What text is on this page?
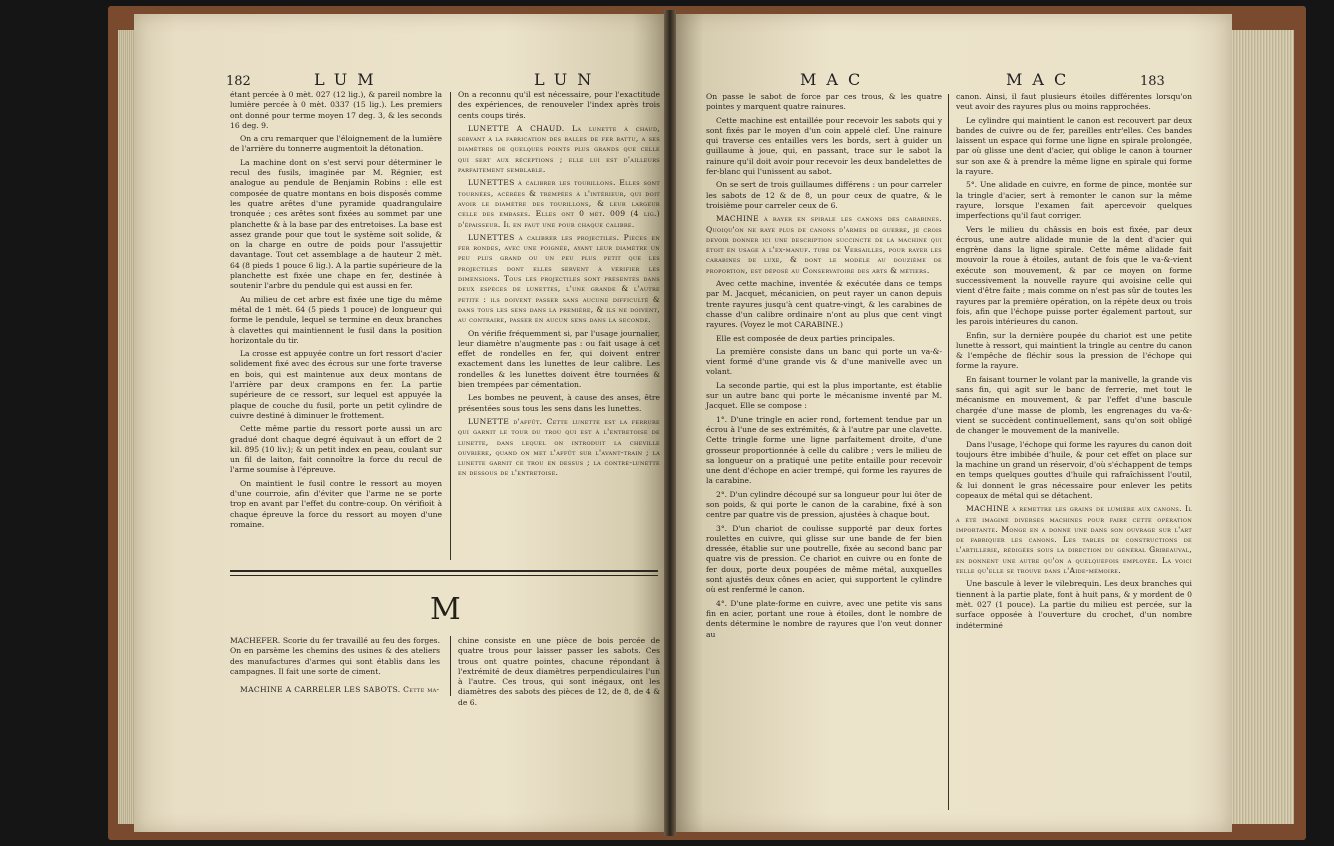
182	LUM	LUN

étant percée à 0 mèt. 027 (12 lig.), & pareil nombre la lumière percée à 0 mèt. 0337 (15 lig.). Les premiers ont donné pour terme moyen 17 deg. 3, & les seconds 16 deg. 9.

On a cru remarquer que l'éloignement de la lumière de l'arrière du tonnerre augmentoit la détonation.

La machine dont on s'est servi pour déterminer le recul des fusils, imaginée par M. Régnier, est analogue au pendule de Benjamin Robins : elle est composée de quatre montans en bois disposés comme les quatre arêtes d'une pyramide quadrangulaire tronquée ; ces arêtes sont fixées au sommet par une planchette & à la base par des entretoises. La base est assez grande pour que tout le système soit solide, & on la charge en outre de poids pour l'assujettir davantage. Tout cet assemblage a de hauteur 2 mèt. 64 (8 pieds 1 pouce 6 lig.). A la partie supérieure de la planchette est fixée une chape en fer, destinée à soutenir l'arbre du pendule qui est aussi en fer.

Au milieu de cet arbre est fixée une tige du même métal de 1 mèt. 64 (5 pieds 1 pouce) de longueur qui forme le pendule, lequel se termine en deux branches à clavettes qui maintiennent le fusil dans la position horizontale du tir.

La crosse est appuyée contre un fort ressort d'acier solidement fixé avec des écrous sur une forte traverse en bois, qui est maintenue aux deux montans de l'arrière par deux crampons en fer. La partie supérieure de ce ressort, sur lequel est appuyée la plaque de couche du fusil, porte un petit cylindre de cuivre destiné à diminuer le frottement.

Cette même partie du ressort porte aussi un arc gradué dont chaque degré équivaut à un effort de 2 kil. 895 (10 liv.); & un petit index en peau, coulant sur un fil de laiton, fait connoître la force du recul de l'arme soumise à l'épreuve.

On maintient le fusil contre le ressort au moyen d'une courroie, afin d'éviter que l'arme ne se porte trop en avant par l'effet du contre-coup. On vérifioit à chaque épreuve la force du ressort au moyen d'une romaine.

On a reconnu qu'il est nécessaire, pour l'exactitude des expériences, de renouveler l'index après trois cents coups tirés.

LUNETTE A CHAUD. La lunette à chaud, servant à la fabrication des balles de fer battu, a ses diamètres de quelques points plus grands que celle qui sert aux réceptions ; elle lui est d'ailleurs parfaitement semblable.

LUNETTES à calibrer les tourillons. Elles sont tournées, acérées & trempées à l'intérieur, qui doit avoir le diamètre des tourillons, & leur largeur celle des embases. Elles ont 0 mèt. 009 (4 lig.) d'épaisseur. Il en faut une pour chaque calibre.

LUNETTES à calibrer les projectiles. Pièces en fer rondes, avec une poignée, ayant leur diamètre un peu plus grand ou un peu plus petit que les projectiles dont elles servent à vérifier les dimensions. Tous les projectiles sont présentés dans deux espèces de lunettes, l'une grande & l'autre petite : ils doivent passer sans aucune difficulté & dans tous les sens dans la première, & ils ne doivent, au contraire, passer en aucun sens dans la seconde.

On vérifie fréquemment si, par l'usage journalier, leur diamètre n'augmente pas : ou fait usage à cet effet de rondelles en fer, qui doivent entrer exactement dans les lunettes de leur calibre. Les rondelles & les lunettes doivent être tournées & bien trempées par cémentation.

Les bombes ne peuvent, à cause des anses, être présentées sous tous les sens dans les lunettes.

LUNETTE d'affût. Cette lunette est la ferrure qui garnit le tour du trou qui est à l'entretoise de lunette, dans lequel on introduit la cheville ouvrière, quand on met l'affût sur l'avant-train ; la lunette garnit ce trou en dessus ; la contre-lunette en dessous de l'entretoise.

M

MACHEFER. Scorie du fer travaillé au feu des forges. On en parsème les chemins des usines & des ateliers des manufactures d'armes qui sont établis dans les campagnes. Il fait une sorte de ciment.

MACHINE A CARRELER LES SABOTS. Cette ma-

chine consiste en une pièce de bois percée de quatre trous pour laisser passer les sabots. Ces trous ont quatre pointes, chacune répondant à l'extrémité de deux diamètres perpendiculaires l'un à l'autre. Ces trous, qui sont inégaux, ont les diamètres des sabots des pièces de 12, de 8, de 4 & de 6.

MAC	MAC	183

On passe le sabot de force par ces trous, & les quatre pointes y marquent quatre rainures.

Cette machine est entaillée pour recevoir les sabots qui y sont fixés par le moyen d'un coin appelé clef. Une rainure qui traverse ces entailles vers les bords, sert à guider un guillaume à joue, qui, en passant, trace sur le sabot la rainure qu'il doit avoir pour recevoir les deux bandelettes de fer-blanc qui l'unissent au sabot.

On se sert de trois guillaumes différens : un pour carreler les sabots de 12 & de 8, un pour ceux de quatre, & le troisième pour carreler ceux de 6.

MACHINE à rayer en spirale les canons des carabines. Quoiqu'on ne raye plus de canons d'armes de guerre, je crois devoir donner ici une description succincte de la machine qui étoit en usage à l'ex-manuf. ture de Versailles, pour rayer les carabines de luxe, & dont le modèle au douzième de proportion, est déposé au Conservatoire des arts & métiers.

Avec cette machine, inventée & exécutée dans ce temps par M. Jacquet, mécanicien, on peut rayer un canon depuis trente rayures jusqu'à cent quatre-vingt, & les carabines de chasse d'un calibre ordinaire n'ont au plus que cent vingt rayures. (Voyez le mot CARABINE.)

Elle est composée de deux parties principales.

La première consiste dans un banc qui porte un va-&-vient formé d'une grande vis & d'une manivelle avec un volant.

La seconde partie, qui est la plus importante, est établie sur un autre banc qui porte le mécanisme inventé par M. Jacquet. Elle se compose :

1°. D'une tringle en acier rond, fortement tendue par un écrou à l'une de ses extrémités, & à l'autre par une clavette. Cette tringle forme une ligne parfaitement droite, d'une grosseur proportionnée à celle du calibre ; vers le milieu de sa longueur on a pratiqué une petite entaille pour recevoir une dent d'échope en acier trempé, qui forme les rayures de la carabine.

2°. D'un cylindre découpé sur sa longueur pour lui ôter de son poids, & qui porte le canon de la carabine, fixé à son centre par quatre vis de pression, ajustées à chaque bout.

3°. D'un chariot de coulisse supporté par deux fortes roulettes en cuivre, qui glisse sur une bande de fer bien dressée, établie sur une poutrelle, fixée au second banc par quatre vis de pression. Ce chariot en cuivre ou en fonte de fer doux, porte deux poupées de même métal, auxquelles sont ajustés deux cônes en acier, qui supportent le cylindre où est renfermé le canon.

4°. D'une plate-forme en cuivre, avec une petite vis sans fin en acier, portant une roue à étoiles, dont le nombre de dents détermine le nombre de rayures que l'on veut donner au

canon. Ainsi, il faut plusieurs étoiles différentes lorsqu'on veut avoir des rayures plus ou moins rapprochées.

Le cylindre qui maintient le canon est recouvert par deux bandes de cuivre ou de fer, pareilles entr'elles. Ces bandes laissent un espace qui forme une ligne en spirale prolongée, par où glisse une dent d'acier, qui oblige le canon à tourner sur son axe & à prendre la même ligne en spirale qui forme la rayure.

5°. Une alidade en cuivre, en forme de pince, montée sur la tringle d'acier, sert à remonter le canon sur la même rayure, lorsque l'examen fait apercevoir quelques imperfections qu'il faut corriger.

Vers le milieu du châssis en bois est fixée, par deux écrous, une autre alidade munie de la dent d'acier qui engrène dans la ligne spirale. Cette même alidade fait mouvoir la roue à étoiles, autant de fois que le va-&-vient exécute son mouvement, & par ce moyen on forme successivement la nouvelle rayure qui avoisine celle qui vient d'être faite ; mais comme on n'est pas sûr de toutes les rayures par la première opération, on la répète deux ou trois fois, afin que l'échope puisse porter également partout, sur les parois intérieures du canon.

Enfin, sur la dernière poupée du chariot est une petite lunette à ressort, qui maintient la tringle au centre du canon & l'empêche de fléchir sous la pression de l'échope qui forme la rayure.

En faisant tourner le volant par la manivelle, la grande vis sans fin, qui agit sur le banc de ferrerie, met tout le mécanisme en mouvement, & par l'effet d'une bascule chargée d'une masse de plomb, les engrenages du va-&-vient se succèdent continuellement, sans qu'on soit obligé de changer le mouvement de la manivelle.

Dans l'usage, l'échope qui forme les rayures du canon doit toujours être imbibée d'huile, & pour cet effet on place sur la machine un grand un réservoir, d'où s'échappent de temps en temps quelques gouttes d'huile qui rafraîchissent l'outil, & lui donnent le gras nécessaire pour enlever les petits copeaux de métal qui se détachent.

MACHINE à remettre les grains de lumière aux canons. Il a été imaginé diverses machines pour faire cette opération importante. Monge en a donné une dans son ouvrage sur l'art de fabriquer les canons. Les tables de constructions de l'artillerie, rédigées sous la direction du général Gribeauval, en donnent une autre qu'on a quelquefois employée. La voici telle qu'elle se trouve dans l'Aide-mémoire.

Une bascule à lever le vilebrequin. Les deux branches qui tiennent à la partie plate, font à huit pans, & y mordent de 0 mèt. 027 (1 pouce). La partie du milieu est percée, sur la surface opposée à l'ouverture du crochet, d'un nombre indéterminé
